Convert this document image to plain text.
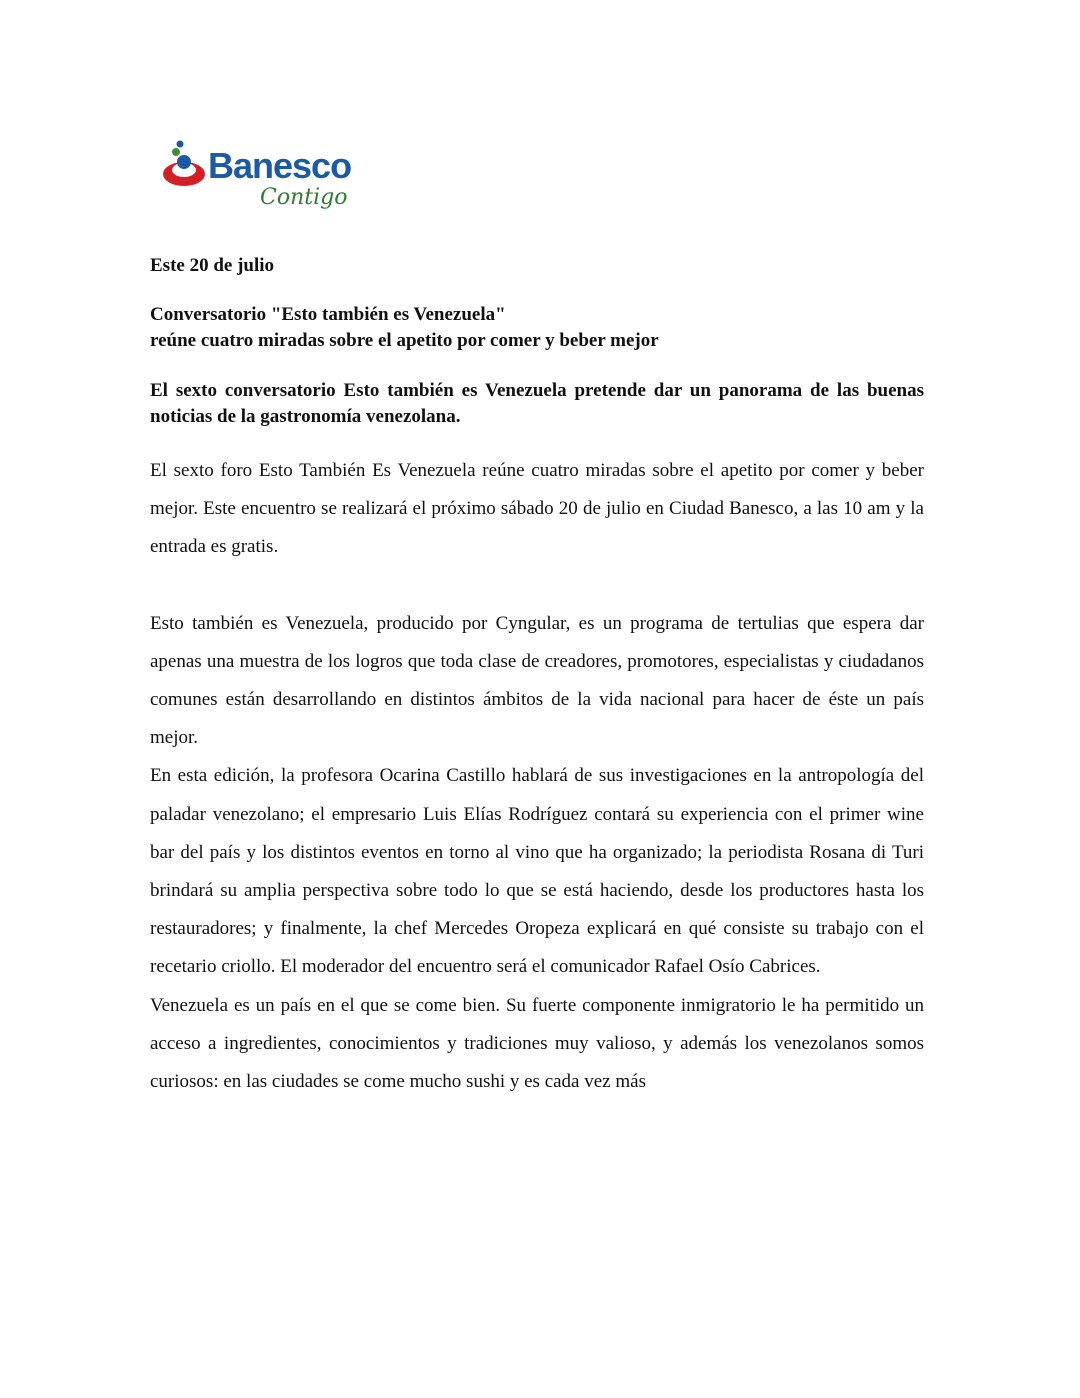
Banesco
Contigo

Este 20 de julio

Conversatorio "Esto también es Venezuela"
reúne cuatro miradas sobre el apetito por comer y beber mejor

El sexto conversatorio Esto también es Venezuela pretende dar un panorama de las buenas noticias de la gastronomía venezolana.

El sexto foro Esto También Es Venezuela reúne cuatro miradas sobre el apetito por comer y beber mejor. Este encuentro se realizará el próximo sábado 20 de julio en Ciudad Banesco, a las 10 am y la entrada es gratis.

Esto también es Venezuela, producido por Cyngular, es un programa de tertulias que espera dar apenas una muestra de los logros que toda clase de creadores, promotores, especialistas y ciudadanos comunes están desarrollando en distintos ámbitos de la vida nacional para hacer de éste un país mejor.

En esta edición, la profesora Ocarina Castillo hablará de sus investigaciones en la antropología del paladar venezolano; el empresario Luis Elías Rodríguez contará su experiencia con el primer wine bar del país y los distintos eventos en torno al vino que ha organizado; la periodista Rosana di Turi brindará su amplia perspectiva sobre todo lo que se está haciendo, desde los productores hasta los restauradores; y finalmente, la chef Mercedes Oropeza explicará en qué consiste su trabajo con el recetario criollo. El moderador del encuentro será el comunicador Rafael Osío Cabrices.

Venezuela es un país en el que se come bien. Su fuerte componente inmigratorio le ha permitido un acceso a ingredientes, conocimientos y tradiciones muy valioso, y además los venezolanos somos curiosos: en las ciudades se come mucho sushi y es cada vez más
